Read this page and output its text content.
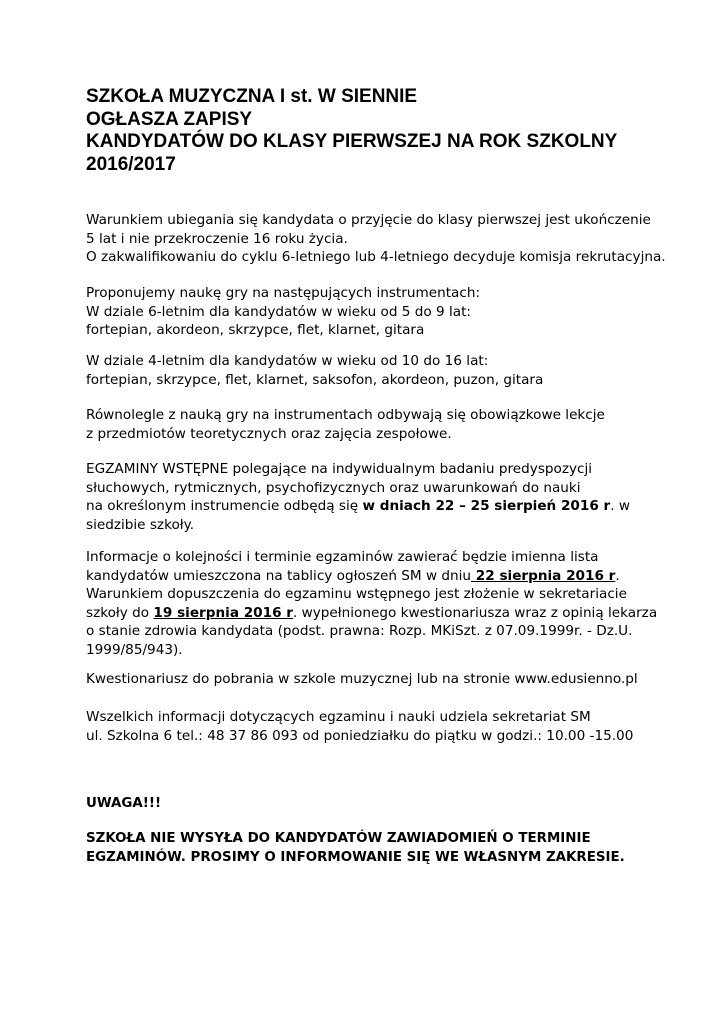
SZKOŁA MUZYCZNA I st. W SIENNIE
OGŁASZA ZAPISY
KANDYDATÓW DO KLASY PIERWSZEJ NA ROK SZKOLNY
2016/2017

Warunkiem ubiegania się kandydata o przyjęcie do klasy pierwszej jest ukończenie
5 lat i nie przekroczenie 16 roku życia.
O zakwalifikowaniu do cyklu 6-letniego lub 4-letniego decyduje komisja rekrutacyjna.

Proponujemy naukę gry na następujących instrumentach:
W dziale 6-letnim dla kandydatów w wieku od 5 do 9 lat:
fortepian, akordeon, skrzypce, flet, klarnet, gitara

W dziale 4-letnim dla kandydatów w wieku od 10 do 16 lat:
fortepian, skrzypce, flet, klarnet, saksofon, akordeon, puzon, gitara

Równolegle z nauką gry na instrumentach odbywają się obowiązkowe lekcje
z przedmiotów teoretycznych oraz zajęcia zespołowe.

EGZAMINY WSTĘPNE polegające na indywidualnym badaniu predyspozycji
słuchowych, rytmicznych, psychofizycznych oraz uwarunkowań do nauki
na określonym instrumencie odbędą się w dniach 22 – 25 sierpień 2016 r. w
siedzibie szkoły.

Informacje o kolejności i terminie egzaminów zawierać będzie imienna lista
kandydatów umieszczona na tablicy ogłoszeń SM w dniu 22 sierpnia 2016 r.
Warunkiem dopuszczenia do egzaminu wstępnego jest złożenie w sekretariacie
szkoły do 19 sierpnia 2016 r. wypełnionego kwestionariusza wraz z opinią lekarza
o stanie zdrowia kandydata (podst. prawna: Rozp. MKiSzt. z 07.09.1999r. - Dz.U.
1999/85/943).

Kwestionariusz do pobrania w szkole muzycznej lub na stronie www.edusienno.pl

Wszelkich informacji dotyczących egzaminu i nauki udziela sekretariat SM
ul. Szkolna 6 tel.: 48 37 86 093 od poniedziałku do piątku w godzi.: 10.00 -15.00

UWAGA!!!

SZKOŁA NIE WYSYŁA DO KANDYDATÓW ZAWIADOMIEŃ O TERMINIE
EGZAMINÓW. PROSIMY O INFORMOWANIE SIĘ WE WŁASNYM ZAKRESIE.
